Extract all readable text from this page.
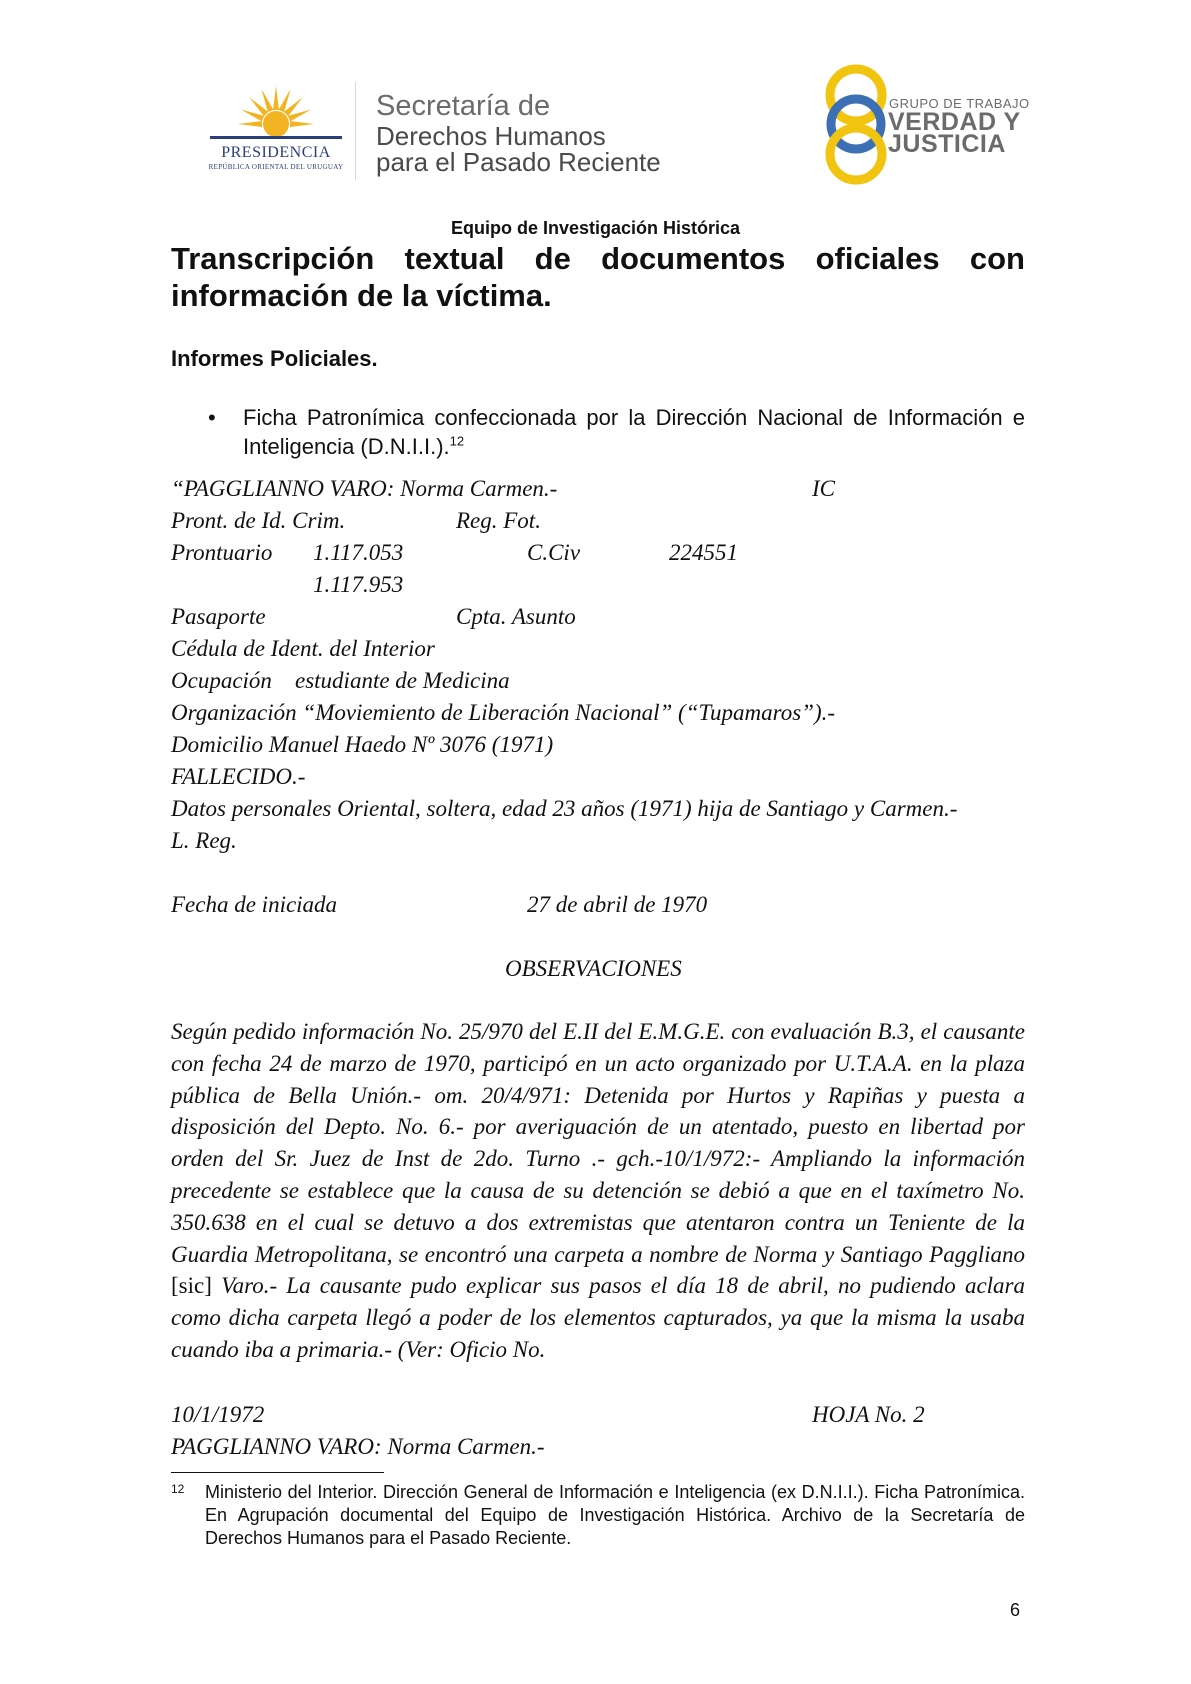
PRESIDENCIA
REPÚBLICA ORIENTAL DEL URUGUAY
Secretaría de
Derechos Humanos
para el Pasado Reciente
GRUPO DE TRABAJO
VERDAD Y
JUSTICIA
Equipo de Investigación Histórica
Transcripción textual de documentos oficiales con información de la víctima.
Informes Policiales.
• Ficha Patronímica confeccionada por la Dirección Nacional de Información e Inteligencia (D.N.I.I.).$^{12}$
“PAGGLIANNO VARO: Norma Carmen.-	IC
Pront. de Id. Crim.	Reg. Fot.
Prontuario 1.117.053	C.Civ	224551
1.117.953
Pasaporte	Cpta. Asunto
Cédula de Ident. del Interior
Ocupación estudiante de Medicina
Organización “Moviemiento de Liberación Nacional” (“Tupamaros”).-
Domicilio Manuel Haedo Nº 3076 (1971)
FALLECIDO.-
Datos personales Oriental, soltera, edad 23 años (1971) hija de Santiago y Carmen.-
L. Reg.
Fecha de iniciada	27 de abril de 1970
OBSERVACIONES
Según pedido información No. 25/970 del E.II del E.M.G.E. con evaluación B.3, el causante con fecha 24 de marzo de 1970, participó en un acto organizado por U.T.A.A. en la plaza pública de Bella Unión.- om. 20/4/971: Detenida por Hurtos y Rapiñas y puesta a disposición del Depto. No. 6.- por averiguación de un atentado, puesto en libertad por orden del Sr. Juez de Inst de 2do. Turno .- gch.-10/1/972:- Ampliando la información precedente se establece que la causa de su detención se debió a que en el taxímetro No. 350.638 en el cual se detuvo a dos extremistas que atentaron contra un Teniente de la Guardia Metropolitana, se encontró una carpeta a nombre de Norma y Santiago Paggliano [sic] Varo.- La causante pudo explicar sus pasos el día 18 de abril, no pudiendo aclara como dicha carpeta llegó a poder de los elementos capturados, ya que la misma la usaba cuando iba a primaria.- (Ver: Oficio No.
10/1/1972	HOJA No. 2
PAGGLIANNO VARO: Norma Carmen.-
12 Ministerio del Interior. Dirección General de Información e Inteligencia (ex D.N.I.I.). Ficha Patronímica. En Agrupación documental del Equipo de Investigación Histórica. Archivo de la Secretaría de Derechos Humanos para el Pasado Reciente.
6
